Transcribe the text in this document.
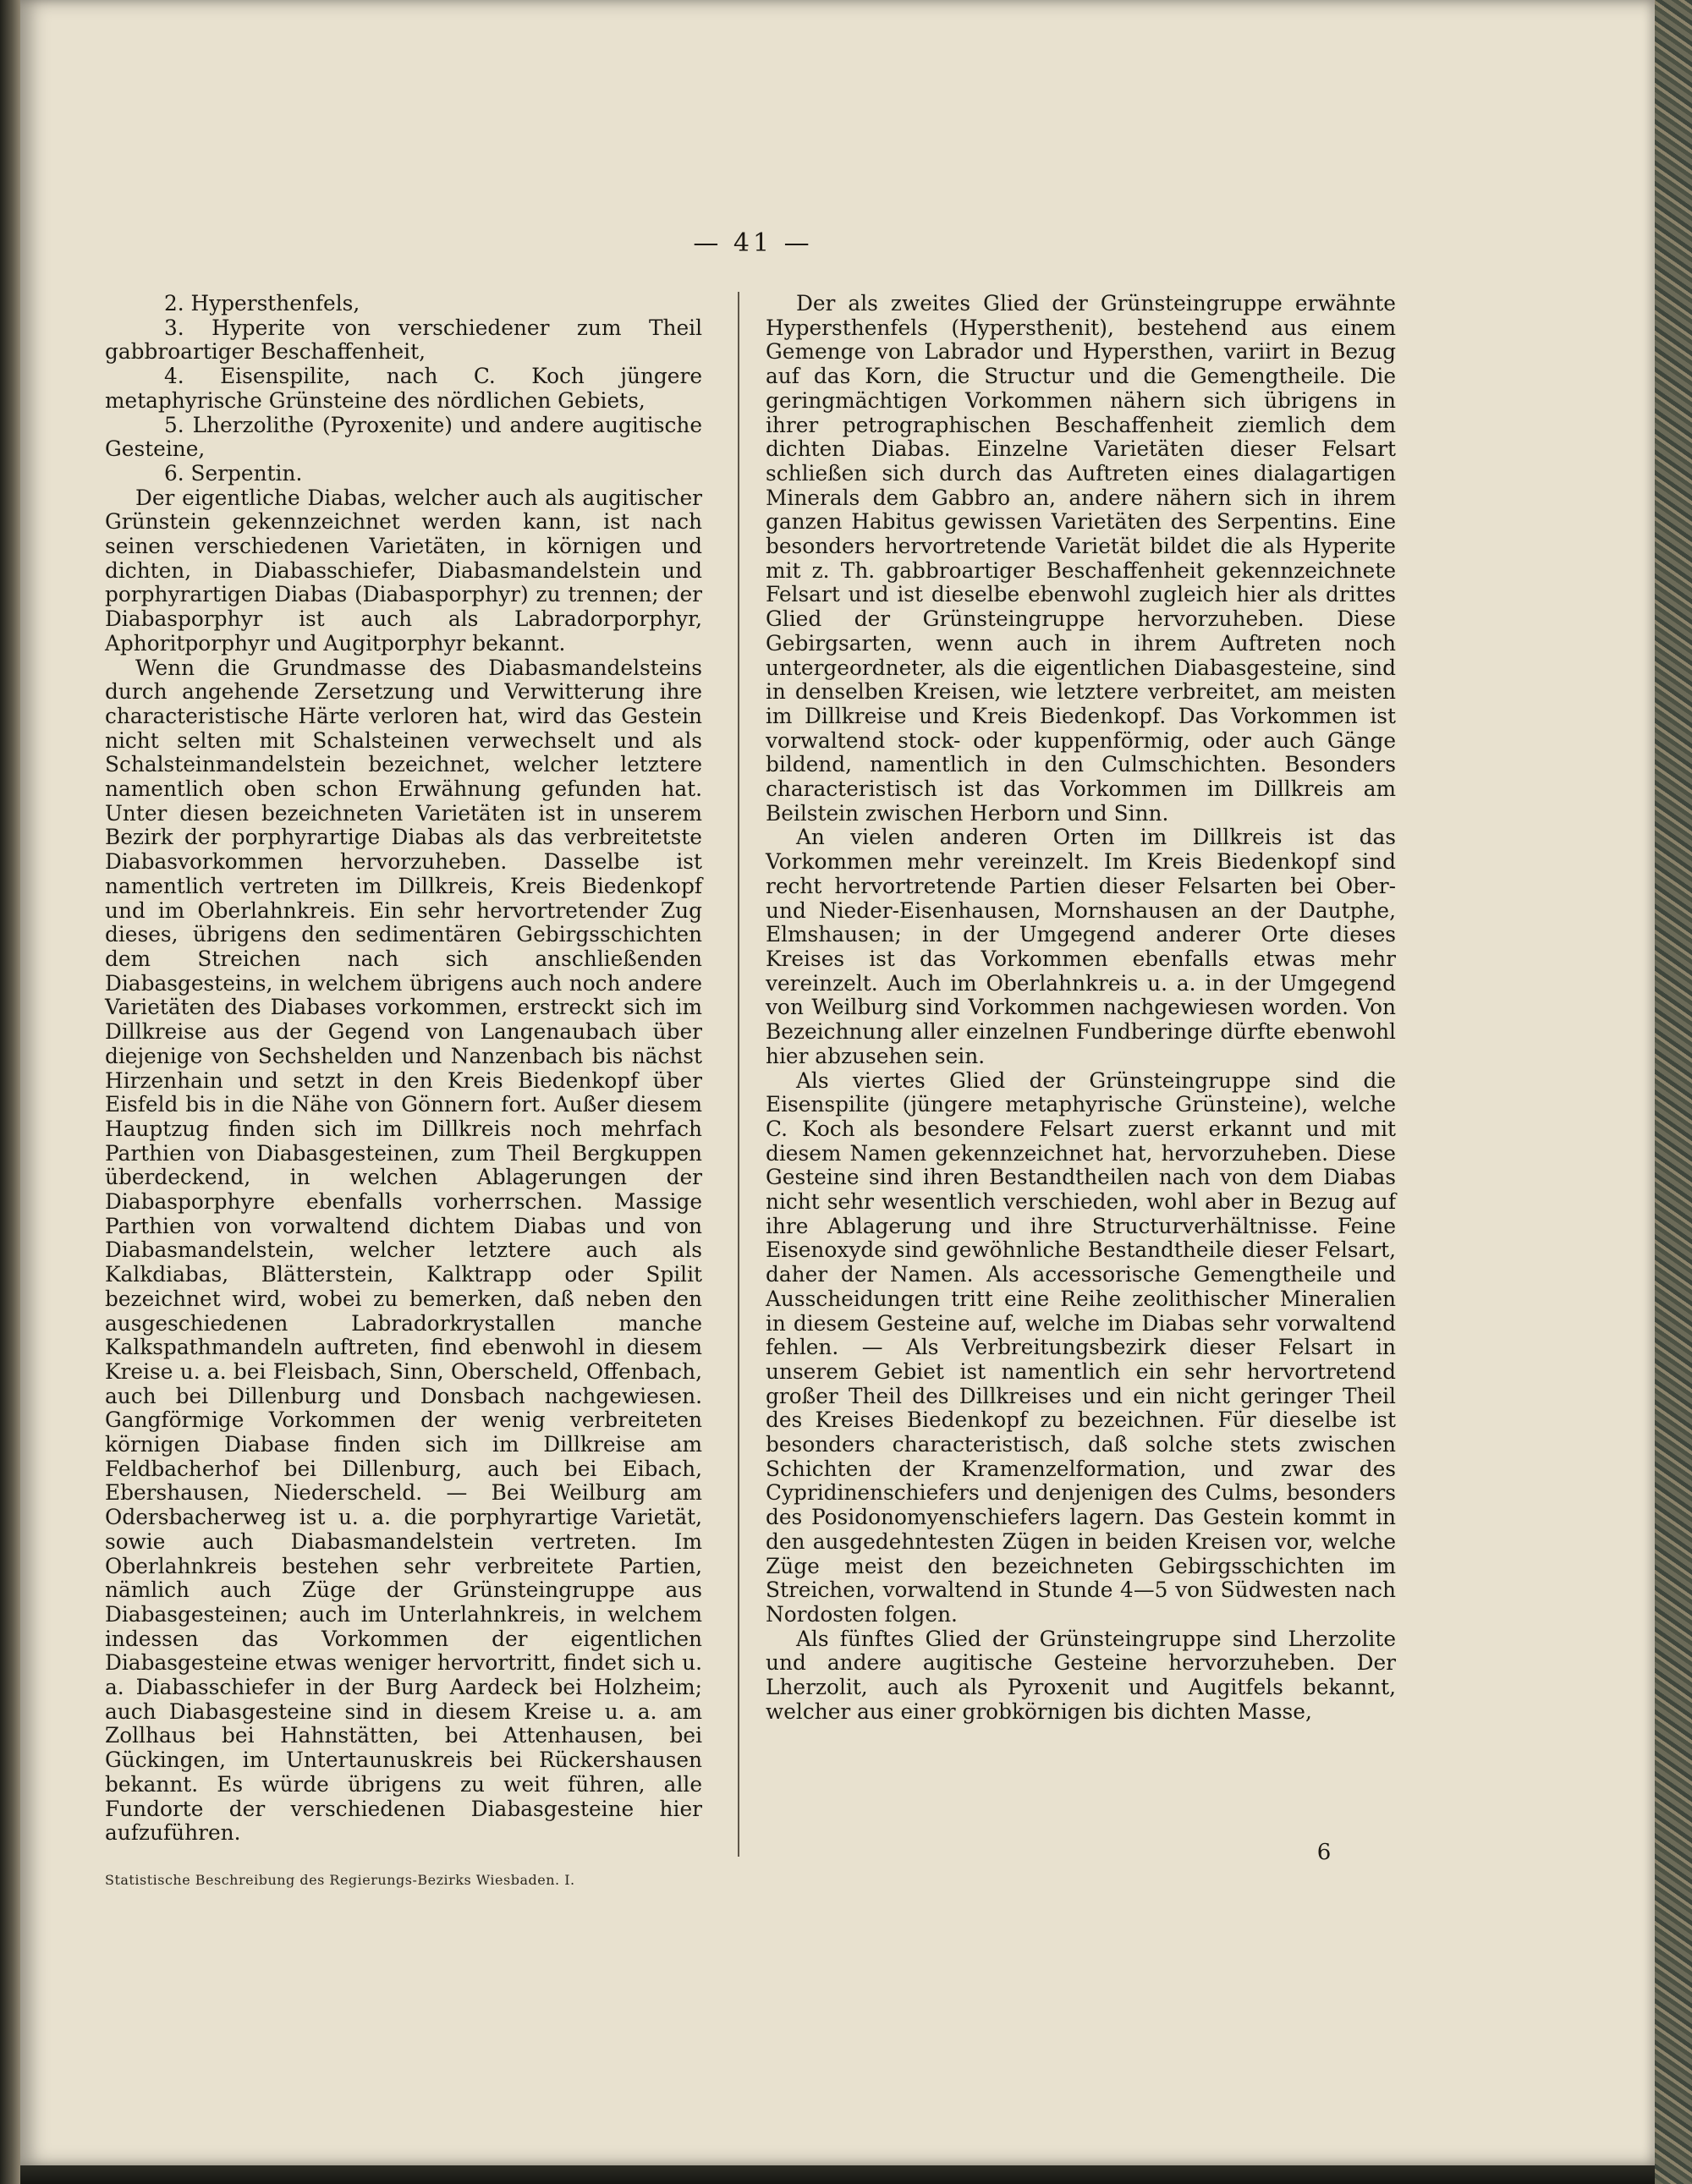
— 41 —

2. Hypersthenfels,

3. Hyperite von verschiedener zum Theil gabbroartiger Beschaffenheit,

4. Eisenspilite, nach C. Koch jüngere metaphyrische Grünsteine des nördlichen Gebiets,

5. Lherzolithe (Pyroxenite) und andere augitische Gesteine,

6. Serpentin.

Der eigentliche Diabas, welcher auch als augitischer Grünstein gekennzeichnet werden kann, ist nach seinen verschiedenen Varietäten, in körnigen und dichten, in Diabasschiefer, Diabasmandelstein und porphyrartigen Diabas (Diabasporphyr) zu trennen; der Diabasporphyr ist auch als Labradorporphyr, Aphoritporphyr und Augitporphyr bekannt.

Wenn die Grundmasse des Diabasmandelsteins durch angehende Zersetzung und Verwitterung ihre characteristische Härte verloren hat, wird das Gestein nicht selten mit Schalsteinen verwechselt und als Schalsteinmandelstein bezeichnet, welcher letztere namentlich oben schon Erwähnung gefunden hat. Unter diesen bezeichneten Varietäten ist in unserem Bezirk der porphyrartige Diabas als das verbreitetste Diabasvorkommen hervorzuheben. Dasselbe ist namentlich vertreten im Dillkreis, Kreis Biedenkopf und im Oberlahnkreis. Ein sehr hervortretender Zug dieses, übrigens den sedimentären Gebirgsschichten dem Streichen nach sich anschließenden Diabasgesteins, in welchem übrigens auch noch andere Varietäten des Diabases vorkommen, erstreckt sich im Dillkreise aus der Gegend von Langenaubach über diejenige von Sechshelden und Nanzenbach bis nächst Hirzenhain und setzt in den Kreis Biedenkopf über Eisfeld bis in die Nähe von Gönnern fort. Außer diesem Hauptzug finden sich im Dillkreis noch mehrfach Parthien von Diabasgesteinen, zum Theil Bergkuppen überdeckend, in welchen Ablagerungen der Diabasporphyre ebenfalls vorherrschen. Massige Parthien von vorwaltend dichtem Diabas und von Diabasmandelstein, welcher letztere auch als Kalkdiabas, Blätterstein, Kalktrapp oder Spilit bezeichnet wird, wobei zu bemerken, daß neben den ausgeschiedenen Labradorkrystallen manche Kalkspathmandeln auftreten, find ebenwohl in diesem Kreise u. a. bei Fleisbach, Sinn, Oberscheld, Offenbach, auch bei Dillenburg und Donsbach nachgewiesen. Gangförmige Vorkommen der wenig verbreiteten körnigen Diabase finden sich im Dillkreise am Feldbacherhof bei Dillenburg, auch bei Eibach, Ebershausen, Niederscheld. — Bei Weilburg am Odersbacherweg ist u. a. die porphyrartige Varietät, sowie auch Diabasmandelstein vertreten. Im Oberlahnkreis bestehen sehr verbreitete Partien, nämlich auch Züge der Grünsteingruppe aus Diabasgesteinen; auch im Unterlahnkreis, in welchem indessen das Vorkommen der eigentlichen Diabasgesteine etwas weniger hervortritt, findet sich u. a. Diabasschiefer in der Burg Aardeck bei Holzheim; auch Diabasgesteine sind in diesem Kreise u. a. am Zollhaus bei Hahnstätten, bei Attenhausen, bei Gückingen, im Untertaunuskreis bei Rückershausen bekannt. Es würde übrigens zu weit führen, alle Fundorte der verschiedenen Diabasgesteine hier aufzuführen.

Der als zweites Glied der Grünsteingruppe erwähnte Hypersthenfels (Hypersthenit), bestehend aus einem Gemenge von Labrador und Hypersthen, variirt in Bezug auf das Korn, die Structur und die Gemengtheile. Die geringmächtigen Vorkommen nähern sich übrigens in ihrer petrographischen Beschaffenheit ziemlich dem dichten Diabas. Einzelne Varietäten dieser Felsart schließen sich durch das Auftreten eines dialagartigen Minerals dem Gabbro an, andere nähern sich in ihrem ganzen Habitus gewissen Varietäten des Serpentins. Eine besonders hervortretende Varietät bildet die als Hyperite mit z. Th. gabbroartiger Beschaffenheit gekennzeichnete Felsart und ist dieselbe ebenwohl zugleich hier als drittes Glied der Grünsteingruppe hervorzuheben. Diese Gebirgsarten, wenn auch in ihrem Auftreten noch untergeordneter, als die eigentlichen Diabasgesteine, sind in denselben Kreisen, wie letztere verbreitet, am meisten im Dillkreise und Kreis Biedenkopf. Das Vorkommen ist vorwaltend stock- oder kuppenförmig, oder auch Gänge bildend, namentlich in den Culmschichten. Besonders characteristisch ist das Vorkommen im Dillkreis am Beilstein zwischen Herborn und Sinn.

An vielen anderen Orten im Dillkreis ist das Vorkommen mehr vereinzelt. Im Kreis Biedenkopf sind recht hervortretende Partien dieser Felsarten bei Ober- und Nieder-Eisenhausen, Mornshausen an der Dautphe, Elmshausen; in der Umgegend anderer Orte dieses Kreises ist das Vorkommen ebenfalls etwas mehr vereinzelt. Auch im Oberlahnkreis u. a. in der Umgegend von Weilburg sind Vorkommen nachgewiesen worden. Von Bezeichnung aller einzelnen Fundberinge dürfte ebenwohl hier abzusehen sein.

Als viertes Glied der Grünsteingruppe sind die Eisenspilite (jüngere metaphyrische Grünsteine), welche C. Koch als besondere Felsart zuerst erkannt und mit diesem Namen gekennzeichnet hat, hervorzuheben. Diese Gesteine sind ihren Bestandtheilen nach von dem Diabas nicht sehr wesentlich verschieden, wohl aber in Bezug auf ihre Ablagerung und ihre Structurverhältnisse. Feine Eisenoxyde sind gewöhnliche Bestandtheile dieser Felsart, daher der Namen. Als accessorische Gemengtheile und Ausscheidungen tritt eine Reihe zeolithischer Mineralien in diesem Gesteine auf, welche im Diabas sehr vorwaltend fehlen. — Als Verbreitungsbezirk dieser Felsart in unserem Gebiet ist namentlich ein sehr hervortretend großer Theil des Dillkreises und ein nicht geringer Theil des Kreises Biedenkopf zu bezeichnen. Für dieselbe ist besonders characteristisch, daß solche stets zwischen Schichten der Kramenzelformation, und zwar des Cypridinenschiefers und denjenigen des Culms, besonders des Posidonomyenschiefers lagern. Das Gestein kommt in den ausgedehntesten Zügen in beiden Kreisen vor, welche Züge meist den bezeichneten Gebirgsschichten im Streichen, vorwaltend in Stunde 4—5 von Südwesten nach Nordosten folgen.

Als fünftes Glied der Grünsteingruppe sind Lherzolite und andere augitische Gesteine hervorzuheben. Der Lherzolit, auch als Pyroxenit und Augitfels bekannt, welcher aus einer grobkörnigen bis dichten Masse,

Statistische Beschreibung des Regierungs-Bezirks Wiesbaden. I.
6
